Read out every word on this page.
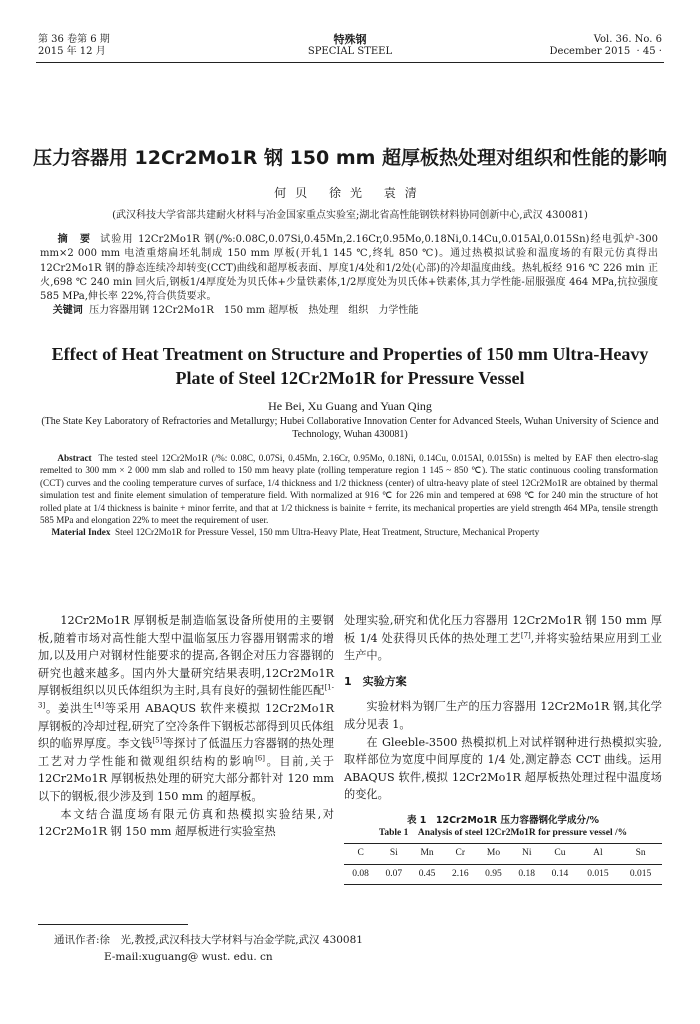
第 36 卷第 6 期
2015 年 12 月
特殊钢
SPECIAL STEEL
Vol. 36. No. 6
December 2015 · 45 ·
压力容器用 12Cr2Mo1R 钢 150 mm 超厚板热处理对组织和性能的影响
何贝 徐光 袁清
(武汉科技大学省部共建耐火材料与冶金国家重点实验室;湖北省高性能钢铁材料协同创新中心,武汉 430081)
摘　要 试验用 12Cr2Mo1R 钢(/%:0.08C,0.07Si,0.45Mn,2.16Cr,0.95Mo,0.18Ni,0.14Cu,0.015Al,0.015Sn)经电弧炉-300 mm×2 000 mm 电渣重熔扁坯轧制成 150 mm 厚板(开轧1 145 ℃,终轧 850 ℃)。通过热模拟试验和温度场的有限元仿真得出 12Cr2Mo1R 钢的静态连续冷却转变(CCT)曲线和超厚板表面、厚度1/4处和1/2处(心部)的冷却温度曲线。热轧板经 916 ℃ 226 min 正火,698 ℃ 240 min 回火后,钢板1/4厚度处为贝氏体+少量铁素体,1/2厚度处为贝氏体+铁素体,其力学性能-屈服强度 464 MPa,抗拉强度 585 MPa,伸长率 22%,符合供货要求。
关键词 压力容器用钢 12Cr2Mo1R　150 mm 超厚板　热处理　组织　力学性能
Effect of Heat Treatment on Structure and Properties of 150 mm Ultra-Heavy Plate of Steel 12Cr2Mo1R for Pressure Vessel
He Bei, Xu Guang and Yuan Qing
(The State Key Laboratory of Refractories and Metallurgy; Hubei Collaborative Innovation Center for Advanced Steels, Wuhan University of Science and Technology, Wuhan 430081)
Abstract The tested steel 12Cr2Mo1R (/%: 0.08C, 0.07Si, 0.45Mn, 2.16Cr, 0.95Mo, 0.18Ni, 0.14Cu, 0.015Al, 0.015Sn) is melted by EAF then electro-slag remelted to 300 mm × 2 000 mm slab and rolled to 150 mm heavy plate (rolling temperature region 1 145 ~ 850 ℃). The static continuous cooling transformation (CCT) curves and the cooling temperature curves of surface, 1/4 thickness and 1/2 thickness (center) of ultra-heavy plate of steel 12Cr2Mo1R are obtained by thermal simulation test and finite element simulation of temperature field. With normalized at 916 ℃ for 226 min and tempered at 698 ℃ for 240 min the structure of hot rolled plate at 1/4 thickness is bainite + minor ferrite, and that at 1/2 thickness is bainite + ferrite, its mechanical properties are yield strength 464 MPa, tensile strength 585 MPa and elongation 22% to meet the requirement of user.
Material Index Steel 12Cr2Mo1R for Pressure Vessel, 150 mm Ultra-Heavy Plate, Heat Treatment, Structure, Mechanical Property

12Cr2Mo1R 厚钢板是制造临氢设备所使用的主要钢板,随着市场对高性能大型中温临氢压力容器用钢需求的增加,以及用户对钢材性能要求的提高,各钢企对压力容器钢的研究也越来越多。国内外大量研究结果表明,12Cr2Mo1R 厚钢板组织以贝氏体组织为主时,具有良好的强韧性能匹配[1-3]。姜洪生[4]等采用 ABAQUS 软件来模拟 12Cr2Mo1R 厚钢板的冷却过程,研究了空冷条件下钢板芯部得到贝氏体组织的临界厚度。李文钱[5]等探讨了低温压力容器钢的热处理工艺对力学性能和微观组织结构的影响[6]。目前,关于 12Cr2Mo1R 厚钢板热处理的研究大部分都针对 120 mm 以下的钢板,很少涉及到 150 mm 的超厚板。

本文结合温度场有限元仿真和热模拟实验结果,对 12Cr2Mo1R 钢 150 mm 超厚板进行实验室热

处理实验,研究和优化压力容器用 12Cr2Mo1R 钢 150 mm 厚板 1/4 处获得贝氏体的热处理工艺[7],并将实验结果应用到工业生产中。

1　实验方案

实验材料为钢厂生产的压力容器用 12Cr2Mo1R 钢,其化学成分见表 1。

在 Gleeble-3500 热模拟机上对试样钢种进行热模拟实验,取样部位为宽度中间厚度的 1/4 处,测定静态 CCT 曲线。运用 ABAQUS 软件,模拟 12Cr2Mo1R 超厚板热处理过程中温度场的变化。

表 1　12Cr2Mo1R 压力容器钢化学成分/%
Table 1　Analysis of steel 12Cr2Mo1R for pressure vessel /%
C	Si	Mn	Cr	Mo	Ni	Cu	Al	Sn
0.08	0.07	0.45	2.16	0.95	0.18	0.14	0.015	0.015
通讯作者:徐　光,教授,武汉科技大学材料与冶金学院,武汉 430081
E-mail:xuguang@ wust. edu. cn
